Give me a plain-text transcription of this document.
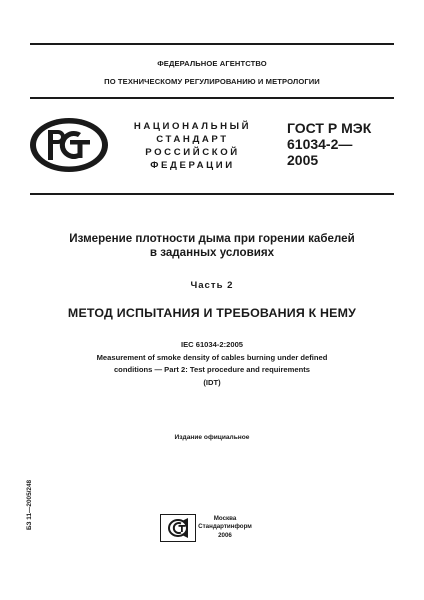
ФЕДЕРАЛЬНОЕ АГЕНТСТВО
ПО ТЕХНИЧЕСКОМУ РЕГУЛИРОВАНИЮ И МЕТРОЛОГИИ
НАЦИОНАЛЬНЫЙ
СТАНДАРТ
РОССИЙСКОЙ
ФЕДЕРАЦИИ
ГОСТ Р МЭК
61034-2—
2005
Измерение плотности дыма при горении кабелей
в заданных условиях
Часть 2
МЕТОД ИСПЫТАНИЯ И ТРЕБОВАНИЯ К НЕМУ
IEC 61034-2:2005
Measurement of smoke density of cables burning under defined
conditions — Part 2: Test procedure and requirements
(IDT)
Издание официальное
БЗ 11—2005/248	Москва
Стандартинформ
2006
